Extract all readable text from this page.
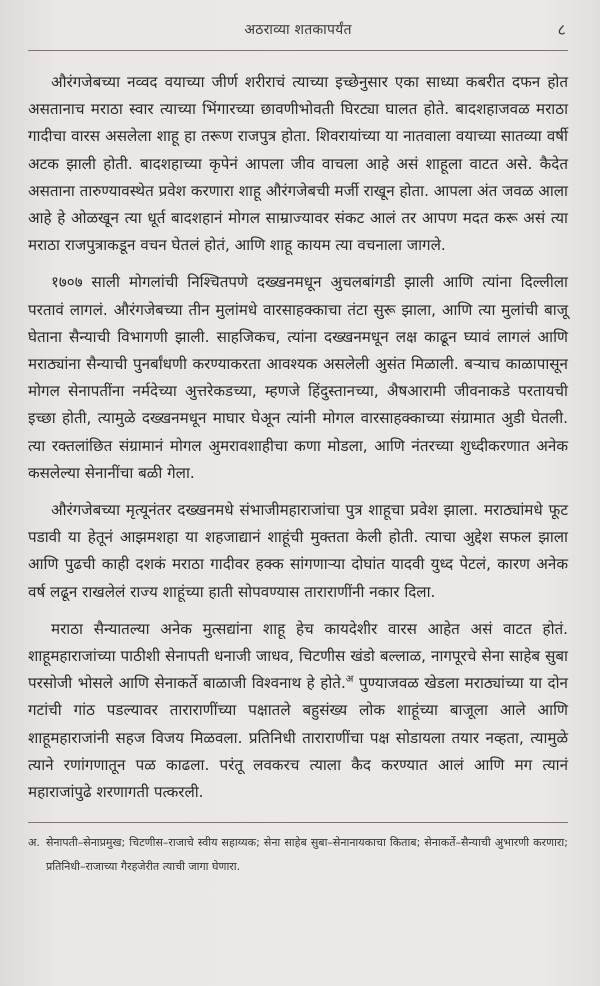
अठराव्या शतकापर्यंत	८

औरंगजेबच्या नव्वद वयाच्या जीर्ण शरीराचं त्याच्या इच्छेनुसार एका साध्या कबरीत दफन होत असतानाच मराठा स्वार त्याच्या भिंगारच्या छावणीभोवती घिरट्या घालत होते. बादशहाजवळ मराठा गादीचा वारस असलेला शाहू हा तरूण राजपुत्र होता. शिवरायांच्या या नातवाला वयाच्या सातव्या वर्षी अटक झाली होती. बादशहाच्या कृपेनं आपला जीव वाचला आहे असं शाहूला वाटत असे. कैदेत असताना तारुण्यावस्थेत प्रवेश करणारा शाहू औरंगजेबची मर्जी राखून होता. आपला अंत जवळ आला आहे हे ओळखून त्या धूर्त बादशहानं मोगल साम्राज्यावर संकट आलं तर आपण मदत करू असं त्या मराठा राजपुत्राकडून वचन घेतलं होतं, आणि शाहू कायम त्या वचनाला जागले.

१७०७ साली मोगलांची निश्चितपणे दख्खनमधून अुचलबांगडी झाली आणि त्यांना दिल्लीला परतावं लागलं. औरंगजेबच्या तीन मुलांमधे वारसाहक्काचा तंटा सुरू झाला, आणि त्या मुलांची बाजू घेताना सैन्याची विभागणी झाली. साहजिकच, त्यांना दख्खनमधून लक्ष काढून घ्यावं लागलं आणि मराठ्यांना सैन्याची पुनर्बांधणी करण्याकरता आवश्यक असलेली अुसंत मिळाली. बऱ्याच काळापासून मोगल सेनापतींना नर्मदेच्या अुत्तरेकडच्या, म्हणजे हिंदुस्तानच्या, अैषआरामी जीवनाकडे परतायची इच्छा होती, त्यामुळे दख्खनमधून माघार घेअून त्यांनी मोगल वारसाहक्काच्या संग्रामात अुडी घेतली. त्या रक्तलांछित संग्रामानं मोगल अुमरावशाहीचा कणा मोडला, आणि नंतरच्या शुध्दीकरणात अनेक कसलेल्या सेनानींचा बळी गेला.

औरंगजेबच्या मृत्यूनंतर दख्खनमधे संभाजीमहाराजांचा पुत्र शाहूचा प्रवेश झाला. मराठ्यांमधे फूट पडावी या हेतूनं आझमशहा या शहजाद्यानं शाहूंची मुक्तता केली होती. त्याचा अुद्देश सफल झाला आणि पुढची काही दशकं मराठा गादीवर हक्क सांगणाऱ्या दोघांत यादवी युध्द पेटलं, कारण अनेक वर्ष लढून राखलेलं राज्य शाहूंच्या हाती सोपवण्यास ताराराणींनी नकार दिला.

मराठा सैन्यातल्या अनेक मुत्सद्यांना शाहू हेच कायदेशीर वारस आहेत असं वाटत होतं. शाहूमहाराजांच्या पाठीशी सेनापती धनाजी जाधव, चिटणीस खंडो बल्लाळ, नागपूरचे सेना साहेब सुबा परसोजी भोसले आणि सेनाकर्ते बाळाजी विश्वनाथ हे होते.$^अ$ पुण्याजवळ खेडला मराठ्यांच्या या दोन गटांची गांठ पडल्यावर ताराराणींच्या पक्षातले बहुसंख्य लोक शाहूंच्या बाजूला आले आणि शाहूमहाराजांनी सहज विजय मिळवला. प्रतिनिधी ताराराणींचा पक्ष सोडायला तयार नव्हता, त्यामुळे त्याने रणांगणातून पळ काढला. परंतू लवकरच त्याला कैद करण्यात आलं आणि मग त्यानं महाराजांपुढे शरणागती पत्करली.

अ. सेनापती–सेनाप्रमुख; चिटणीस–राजाचे स्वीय सहाय्यक; सेना साहेब सुबा–सेनानायकाचा किताब; सेनाकर्ते–सैन्याची अुभारणी करणारा; प्रतिनिधी–राजाच्या गैरहजेरीत त्याची जागा घेणारा.
